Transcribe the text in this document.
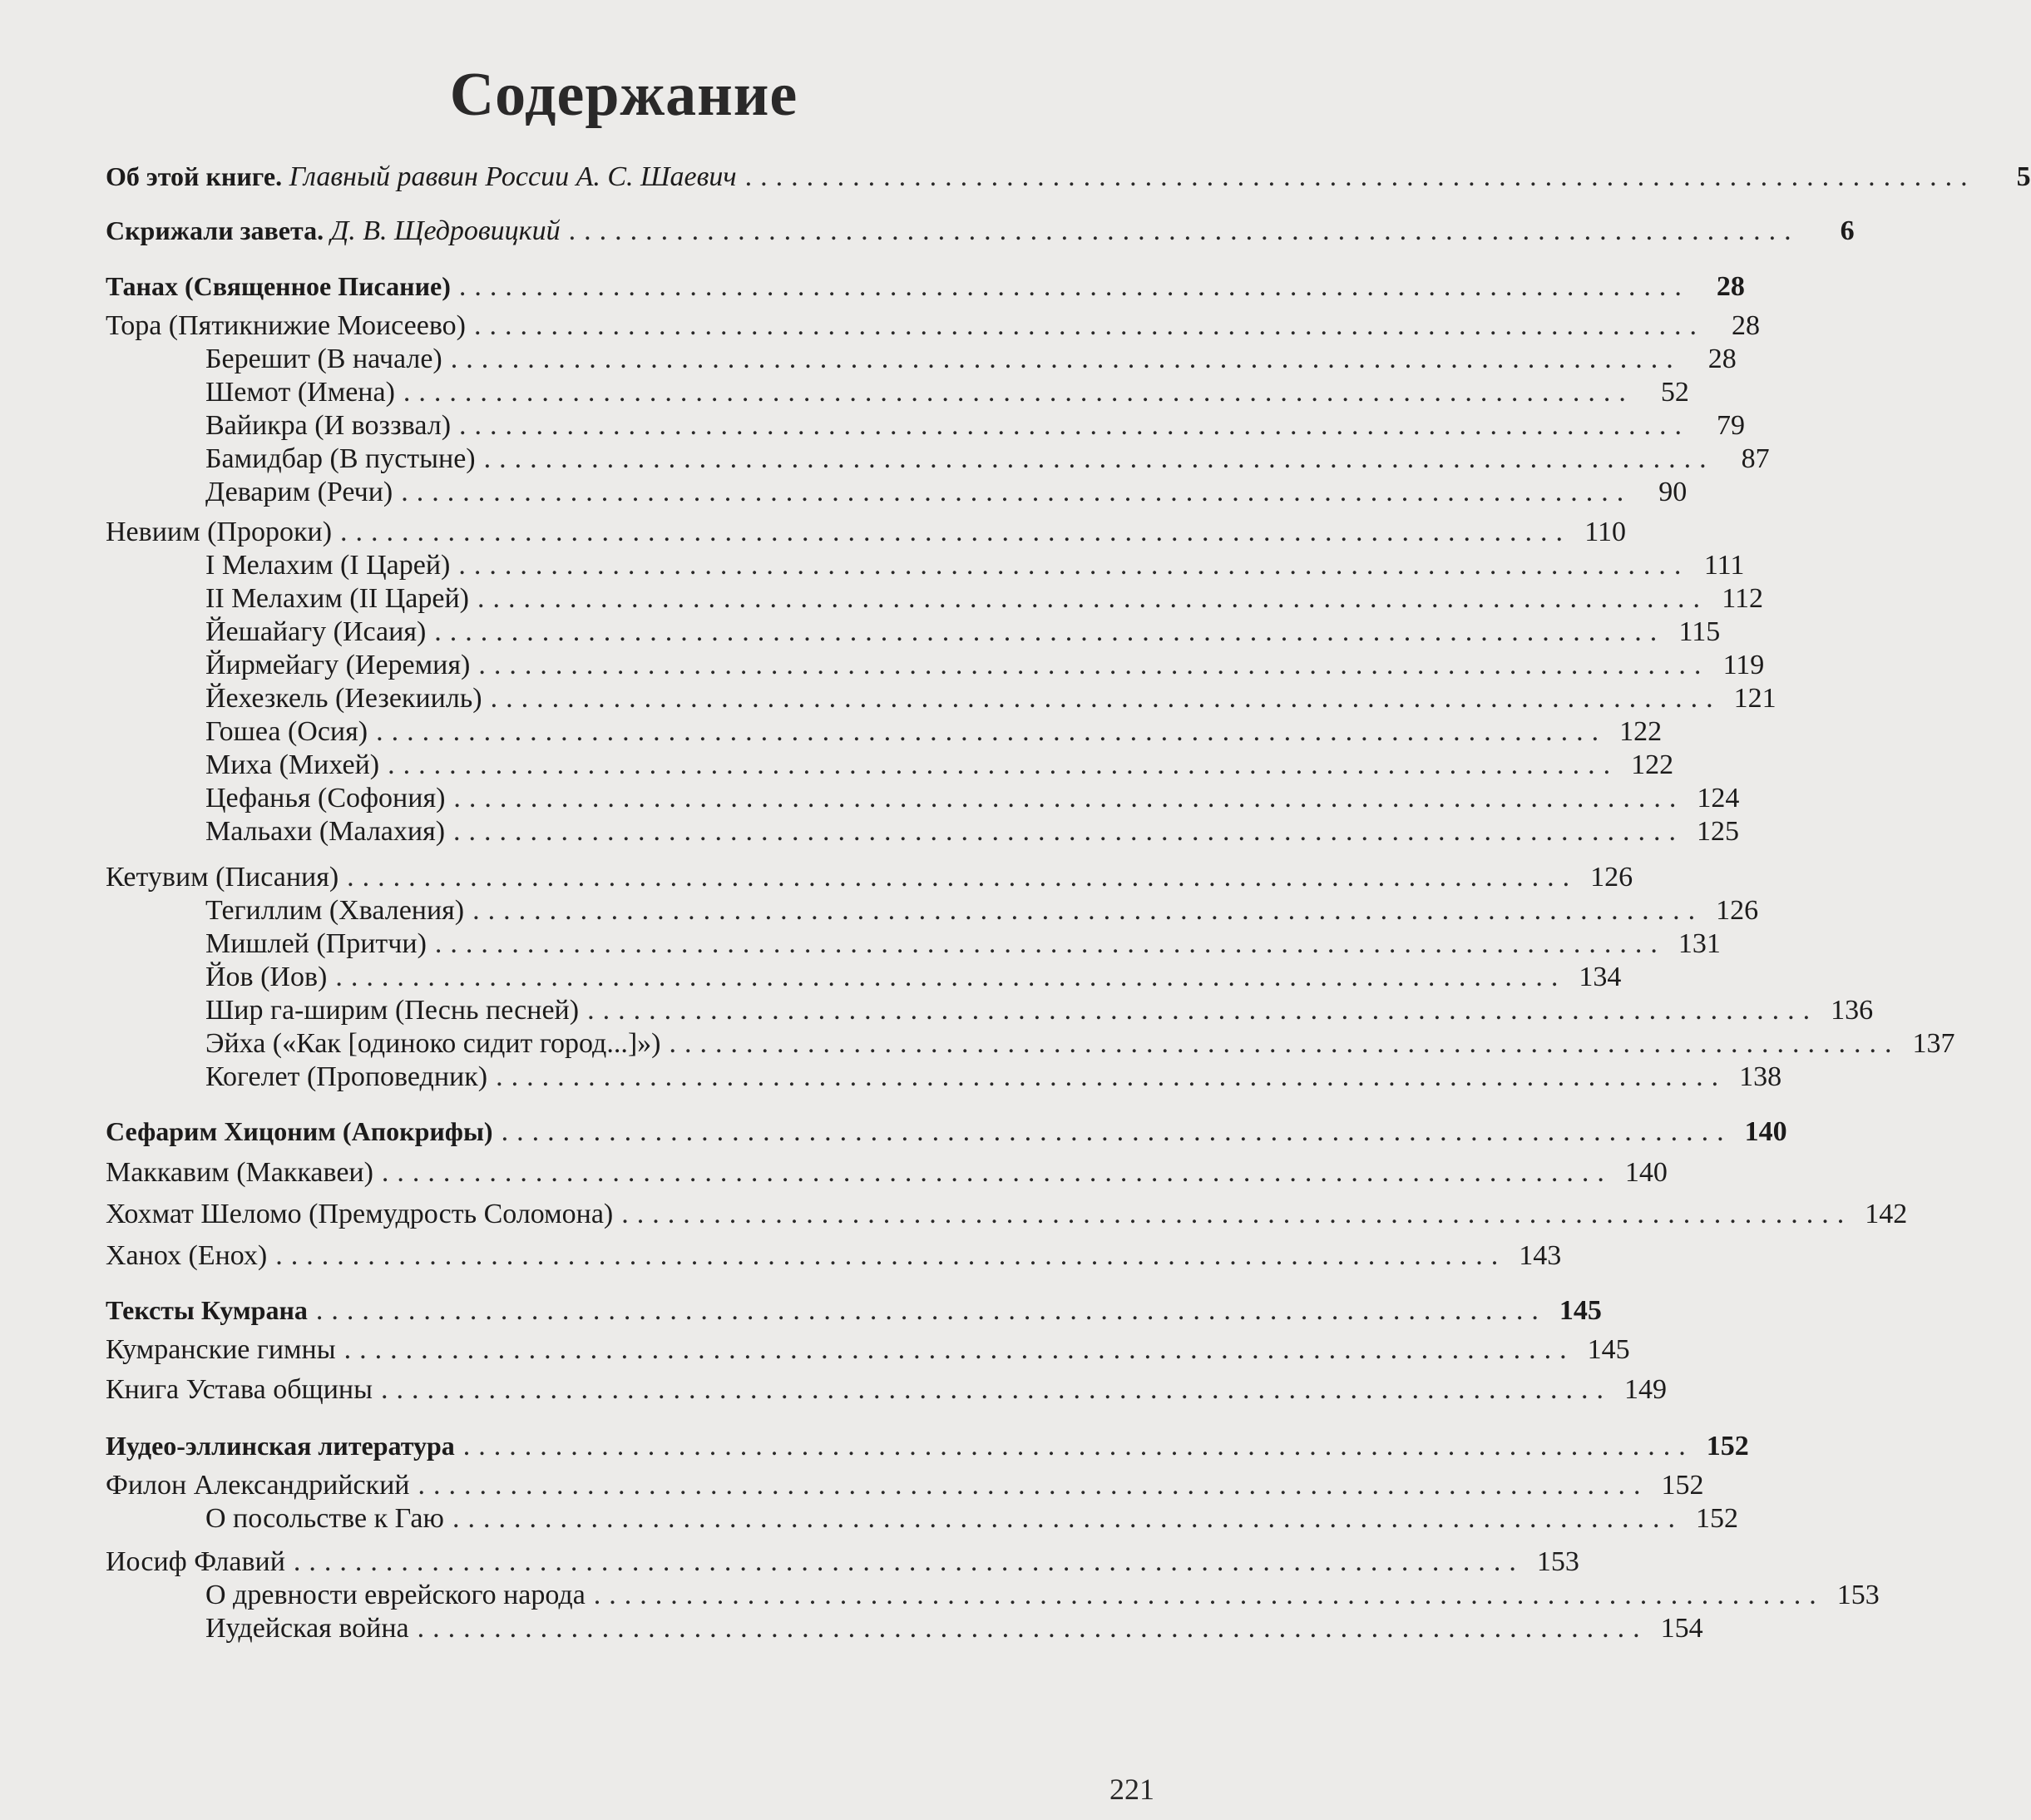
Содержание
Об этой книге. Главный раввин России А. С. Шаевич ................................................................................	5
Скрижали завета. Д. В. Щедровицкий ................................................................................	6
Танах (Священное Писание) ................................................................................ 28
Тора (Пятикнижие Моисеево) ................................................................................ 28
Берешит (В начале) ................................................................................ 28
Шемот (Имена) ................................................................................ 52
Вайикра (И воззвал) ................................................................................ 79
Бамидбар (В пустыне) ................................................................................ 87
Деварим (Речи) ................................................................................ 90
Невиим (Пророки) ................................................................................ 110
I Мелахим (I Царей) ................................................................................ 111
II Мелахим (II Царей) ................................................................................ 112
Йешайагу (Исаия) ................................................................................ 115
Йирмейагу (Иеремия) ................................................................................ 119
Йехезкель (Иезекииль) ................................................................................ 121
Гошеа (Осия) ................................................................................ 122
Миха (Михей) ................................................................................ 122
Цефанья (Софония) ................................................................................ 124
Мальахи (Малахия) ................................................................................ 125
Кетувим (Писания) ................................................................................ 126
Тегиллим (Хваления) ................................................................................ 126
Мишлей (Притчи) ................................................................................ 131
Йов (Иов) ................................................................................ 134
Шир га-ширим (Песнь песней) ................................................................................ 136
Эйха («Как [одиноко сидит город...]») ................................................................................ 137
Когелет (Проповедник) ................................................................................ 138
Сефарим Хицоним (Апокрифы) ................................................................................ 140
Маккавим (Маккавеи) ................................................................................ 140
Хохмат Шеломо (Премудрость Соломона) ................................................................................ 142
Ханох (Енох) ................................................................................ 143
Тексты Кумрана ................................................................................ 145
Кумранские гимны ................................................................................ 145
Книга Устава общины ................................................................................ 149
Иудео-эллинская литература ................................................................................ 152
Филон Александрийский ................................................................................ 152
О посольстве к Гаю ................................................................................ 152
Иосиф Флавий ................................................................................ 153
О древности еврейского народа ................................................................................ 153
Иудейская война ................................................................................ 154
221
